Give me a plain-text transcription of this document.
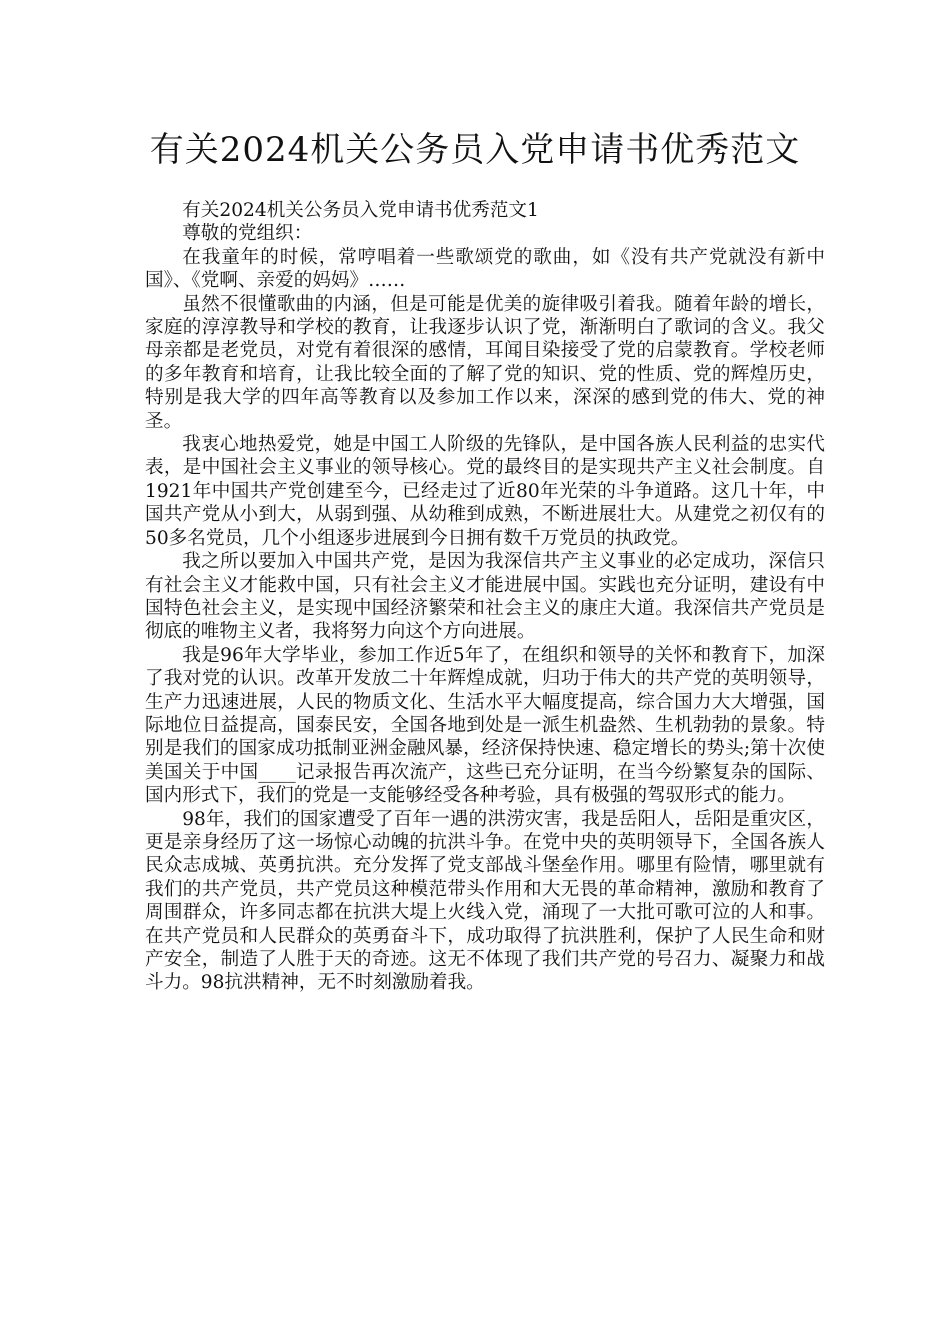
有关2024机关公务员入党申请书优秀范文

有关2024机关公务员入党申请书优秀范文1

尊敬的党组织：

在我童年的时候，常哼唱着一些歌颂党的歌曲，如《没有共产党就没有新中国》、《党啊、亲爱的妈妈》……

虽然不很懂歌曲的内涵，但是可能是优美的旋律吸引着我。随着年龄的增长，家庭的淳淳教导和学校的教育，让我逐步认识了党，渐渐明白了歌词的含义。我父母亲都是老党员，对党有着很深的感情，耳闻目染接受了党的启蒙教育。学校老师的多年教育和培育，让我比较全面的了解了党的知识、党的性质、党的辉煌历史，特别是我大学的四年高等教育以及参加工作以来，深深的感到党的伟大、党的神圣。

我衷心地热爱党，她是中国工人阶级的先锋队，是中国各族人民利益的忠实代表，是中国社会主义事业的领导核心。党的最终目的是实现共产主义社会制度。自1921年中国共产党创建至今，已经走过了近80年光荣的斗争道路。这几十年，中国共产党从小到大，从弱到强、从幼稚到成熟，不断进展壮大。从建党之初仅有的50多名党员，几个小组逐步进展到今日拥有数千万党员的执政党。

我之所以要加入中国共产党，是因为我深信共产主义事业的必定成功，深信只有社会主义才能救中国，只有社会主义才能进展中国。实践也充分证明，建设有中国特色社会主义，是实现中国经济繁荣和社会主义的康庄大道。我深信共产党员是彻底的唯物主义者，我将努力向这个方向进展。

我是96年大学毕业，参加工作近5年了，在组织和领导的关怀和教育下，加深了我对党的认识。改革开发放二十年辉煌成就，归功于伟大的共产党的英明领导，生产力迅速进展，人民的物质文化、生活水平大幅度提高，综合国力大大增强，国际地位日益提高，国泰民安，全国各地到处是一派生机盎然、生机勃勃的景象。特别是我们的国家成功抵制亚洲金融风暴，经济保持快速、稳定增长的势头;第十次使美国关于中国____记录报告再次流产，这些已充分证明，在当今纷繁复杂的国际、国内形式下，我们的党是一支能够经受各种考验，具有极强的驾驭形式的能力。

98年，我们的国家遭受了百年一遇的洪涝灾害，我是岳阳人，岳阳是重灾区，更是亲身经历了这一场惊心动魄的抗洪斗争。在党中央的英明领导下，全国各族人民众志成城、英勇抗洪。充分发挥了党支部战斗堡垒作用。哪里有险情，哪里就有我们的共产党员，共产党员这种模范带头作用和大无畏的革命精神，激励和教育了周围群众，许多同志都在抗洪大堤上火线入党，涌现了一大批可歌可泣的人和事。在共产党员和人民群众的英勇奋斗下，成功取得了抗洪胜利，保护了人民生命和财产安全，制造了人胜于天的奇迹。这无不体现了我们共产党的号召力、凝聚力和战斗力。98抗洪精神，无不时刻激励着我。
